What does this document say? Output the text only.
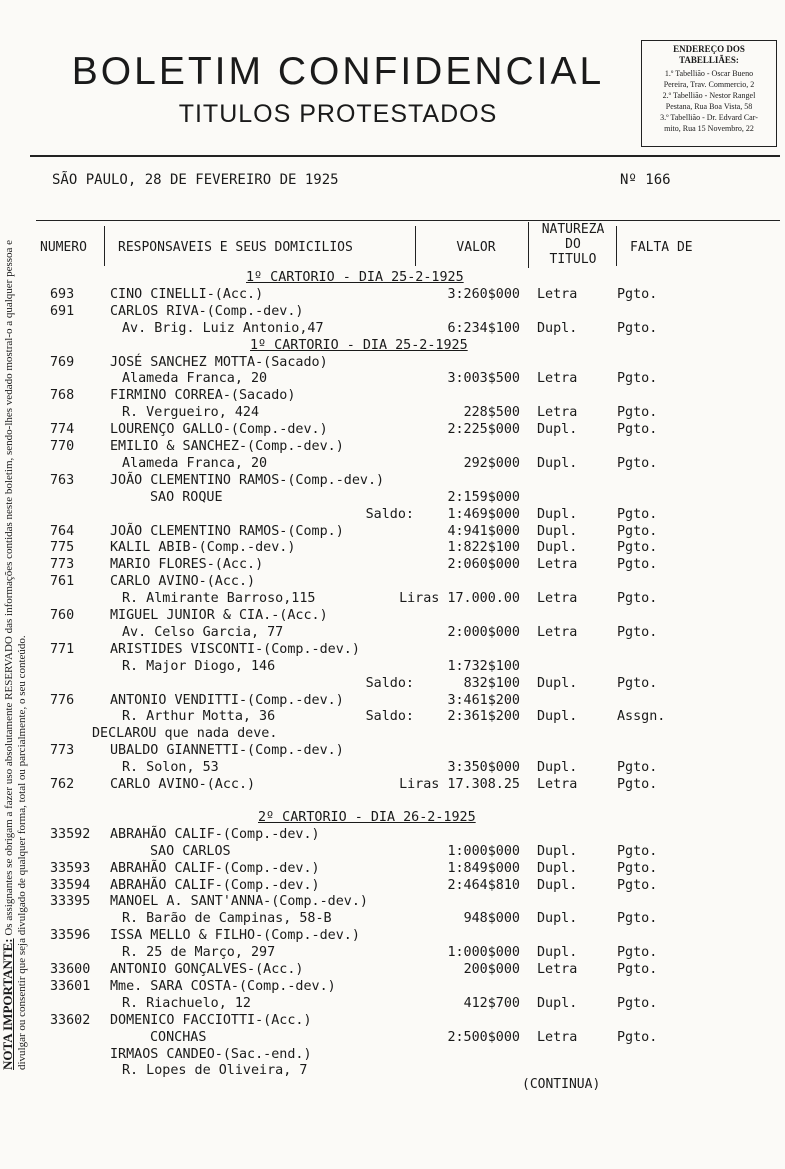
BOLETIM CONFIDENCIAL
TITULOS PROTESTADOS
ENDEREÇO DOS TABELLIÃES:
1.º Tabellião - Oscar Bueno
Pereira, Trav. Commercio, 2
2.º Tabellião - Nestor Rangel
Pestana, Rua Boa Vista, 58
3.º Tabellião - Dr. Edvard Car-
mito, Rua 15 Novembro, 22
SÃO PAULO, 28 DE FEVEREIRO DE 1925	Nº 166
NOTA IMPORTANTE: Os assignantes se obrigam a fazer uso absolutamente RESERVADO das informações contidas neste boletim, sendo-lhes vedado mostral-o a qualquer pessoa e divulgar ou consentir que seja divulgado de qualquer forma, total ou parcialmente, o seu conteúdo.
NUMERO RESPONSAVEIS E SEUS DOMICILIOS	VALOR
NATUREZA
DO
TITULO
FALTA DE
1º CARTORIO - DIA 25-2-1925
693	CINO CINELLI-(Acc.)	3:260$000 Letra	Pgto.
691	CARLOS RIVA-(Comp.-dev.)
Av. Brig. Luiz Antonio,47	6:234$100 Dupl.	Pgto.
1º CARTORIO - DIA 25-2-1925
769	JOSÉ SANCHEZ MOTTA-(Sacado)
Alameda Franca, 20	3:003$500 Letra	Pgto.
768	FIRMINO CORREA-(Sacado)
R. Vergueiro, 424	228$500 Letra	Pgto.
774	LOURENÇO GALLO-(Comp.-dev.)	2:225$000 Dupl.	Pgto.
770	EMILIO & SANCHEZ-(Comp.-dev.)
Alameda Franca, 20	292$000 Dupl.	Pgto.
763	JOÃO CLEMENTINO RAMOS-(Comp.-dev.)
SAO ROQUE	2:159$000
Saldo:	1:469$000 Dupl.	Pgto.
764	JOÃO CLEMENTINO RAMOS-(Comp.)	4:941$000 Dupl.	Pgto.
775	KALIL ABIB-(Comp.-dev.)	1:822$100 Dupl.	Pgto.
773	MARIO FLORES-(Acc.)	2:060$000 Letra	Pgto.
761	CARLO AVINO-(Acc.)
R. Almirante Barroso,115	Liras 17.000.00 Letra	Pgto.
760	MIGUEL JUNIOR & CIA.-(Acc.)
Av. Celso Garcia, 77	2:000$000 Letra	Pgto.
771	ARISTIDES VISCONTI-(Comp.-dev.)
R. Major Diogo, 146	1:732$100
Saldo:	832$100 Dupl.	Pgto.
776	ANTONIO VENDITTI-(Comp.-dev.)	3:461$200
R. Arthur Motta, 36	Saldo:	2:361$200 Dupl.	Assgn.
DECLAROU que nada deve.
773	UBALDO GIANNETTI-(Comp.-dev.)
R. Solon, 53	3:350$000 Dupl.	Pgto.
762	CARLO AVINO-(Acc.)	Liras 17.308.25 Letra	Pgto.
2º CARTORIO - DIA 26-2-1925
33592 ABRAHÃO CALIF-(Comp.-dev.)
SAO CARLOS	1:000$000 Dupl.	Pgto.
33593 ABRAHÃO CALIF-(Comp.-dev.)	1:849$000 Dupl.	Pgto.
33594 ABRAHÃO CALIF-(Comp.-dev.)	2:464$810 Dupl.	Pgto.
33395 MANOEL A. SANT'ANNA-(Comp.-dev.)
R. Barão de Campinas, 58-B	948$000 Dupl.	Pgto.
33596 ISSA MELLO & FILHO-(Comp.-dev.)
R. 25 de Março, 297	1:000$000 Dupl.	Pgto.
33600 ANTONIO GONÇALVES-(Acc.)	200$000 Letra	Pgto.
33601 Mme. SARA COSTA-(Comp.-dev.)
R. Riachuelo, 12	412$700 Dupl.	Pgto.
33602 DOMENICO FACCIOTTI-(Acc.)
CONCHAS	2:500$000 Letra	Pgto.
IRMAOS CANDEO-(Sac.-end.)
R. Lopes de Oliveira, 7
(CONTINUA)
